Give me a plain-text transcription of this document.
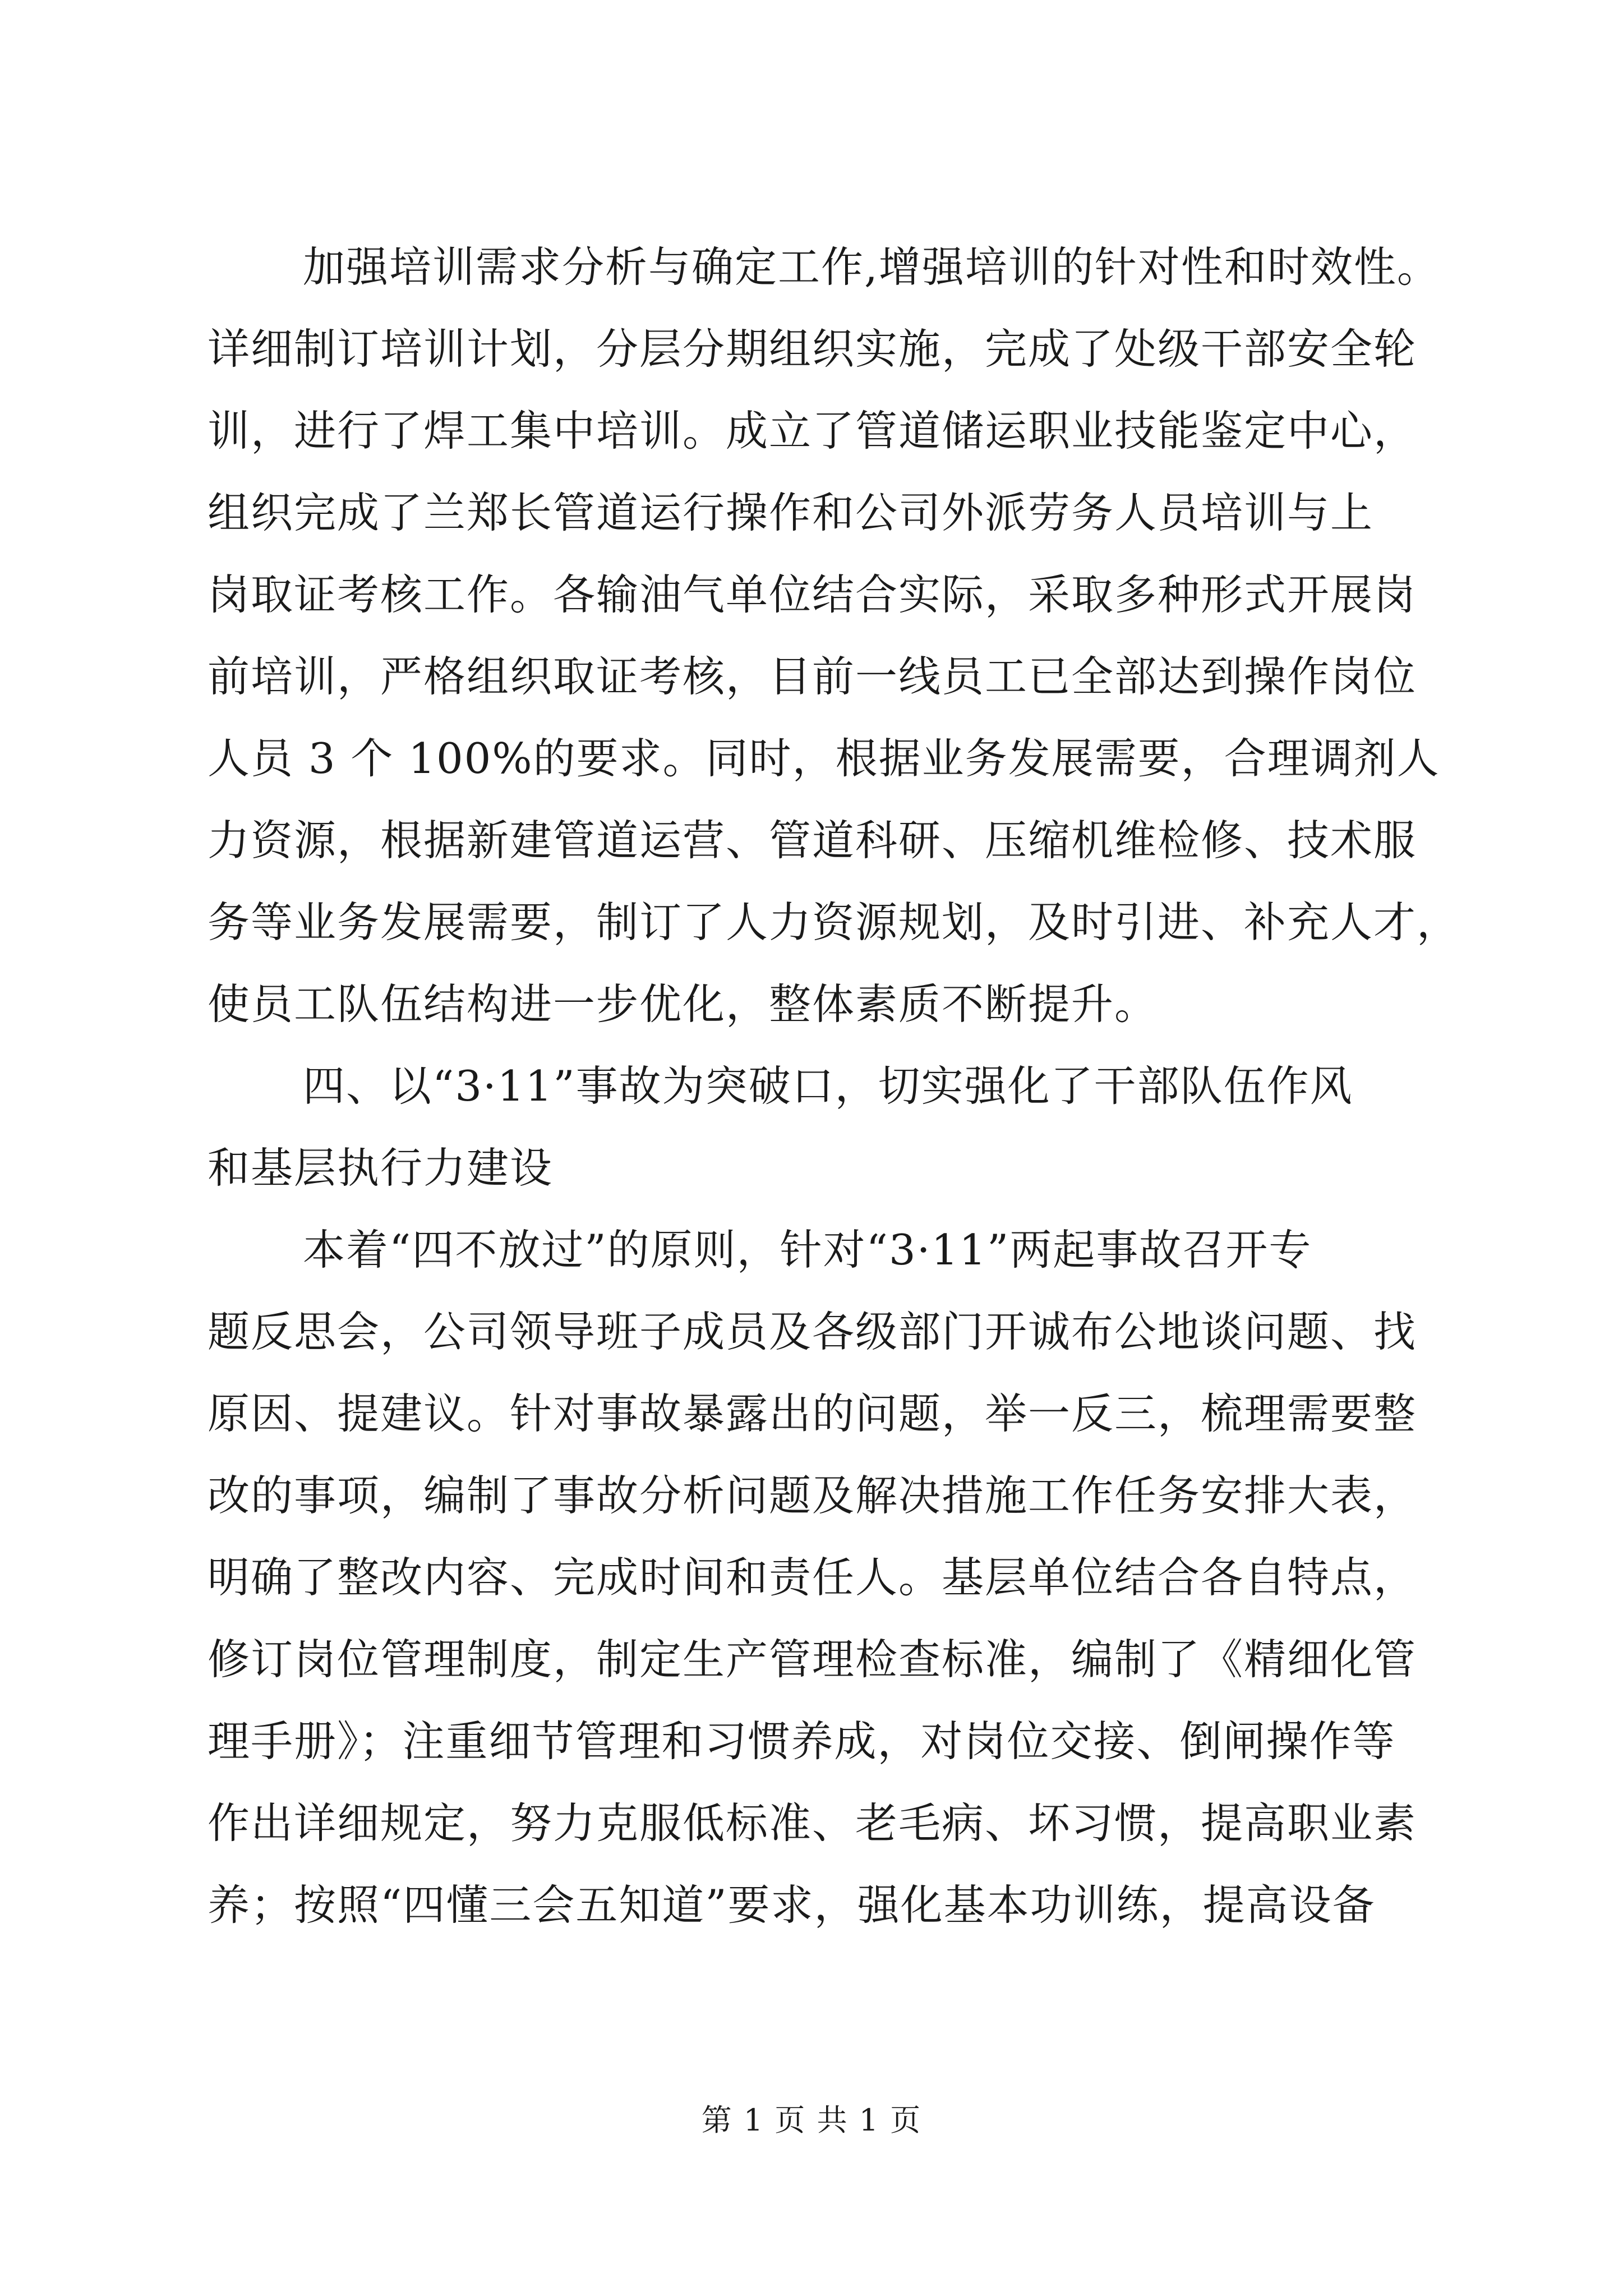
加强培训需求分析与确定工作,增强培训的针对性和时效性。
详细制订培训计划，分层分期组织实施，完成了处级干部安全轮
训，进行了焊工集中培训。成立了管道储运职业技能鉴定中心，
组织完成了兰郑长管道运行操作和公司外派劳务人员培训与上
岗取证考核工作。各输油气单位结合实际，采取多种形式开展岗
前培训，严格组织取证考核，目前一线员工已全部达到操作岗位
人员 3 个 100%的要求。同时，根据业务发展需要，合理调剂人
力资源，根据新建管道运营、管道科研、压缩机维检修、技术服
务等业务发展需要，制订了人力资源规划，及时引进、补充人才，
使员工队伍结构进一步优化，整体素质不断提升。
四、以“3·11”事故为突破口，切实强化了干部队伍作风
和基层执行力建设
本着“四不放过”的原则，针对“3·11”两起事故召开专
题反思会，公司领导班子成员及各级部门开诚布公地谈问题、找
原因、提建议。针对事故暴露出的问题，举一反三，梳理需要整
改的事项，编制了事故分析问题及解决措施工作任务安排大表，
明确了整改内容、完成时间和责任人。基层单位结合各自特点，
修订岗位管理制度，制定生产管理检查标准，编制了《精细化管
理手册》；注重细节管理和习惯养成，对岗位交接、倒闸操作等
作出详细规定，努力克服低标准、老毛病、坏习惯，提高职业素
养；按照“四懂三会五知道”要求，强化基本功训练，提高设备
第 1 页 共 1 页
